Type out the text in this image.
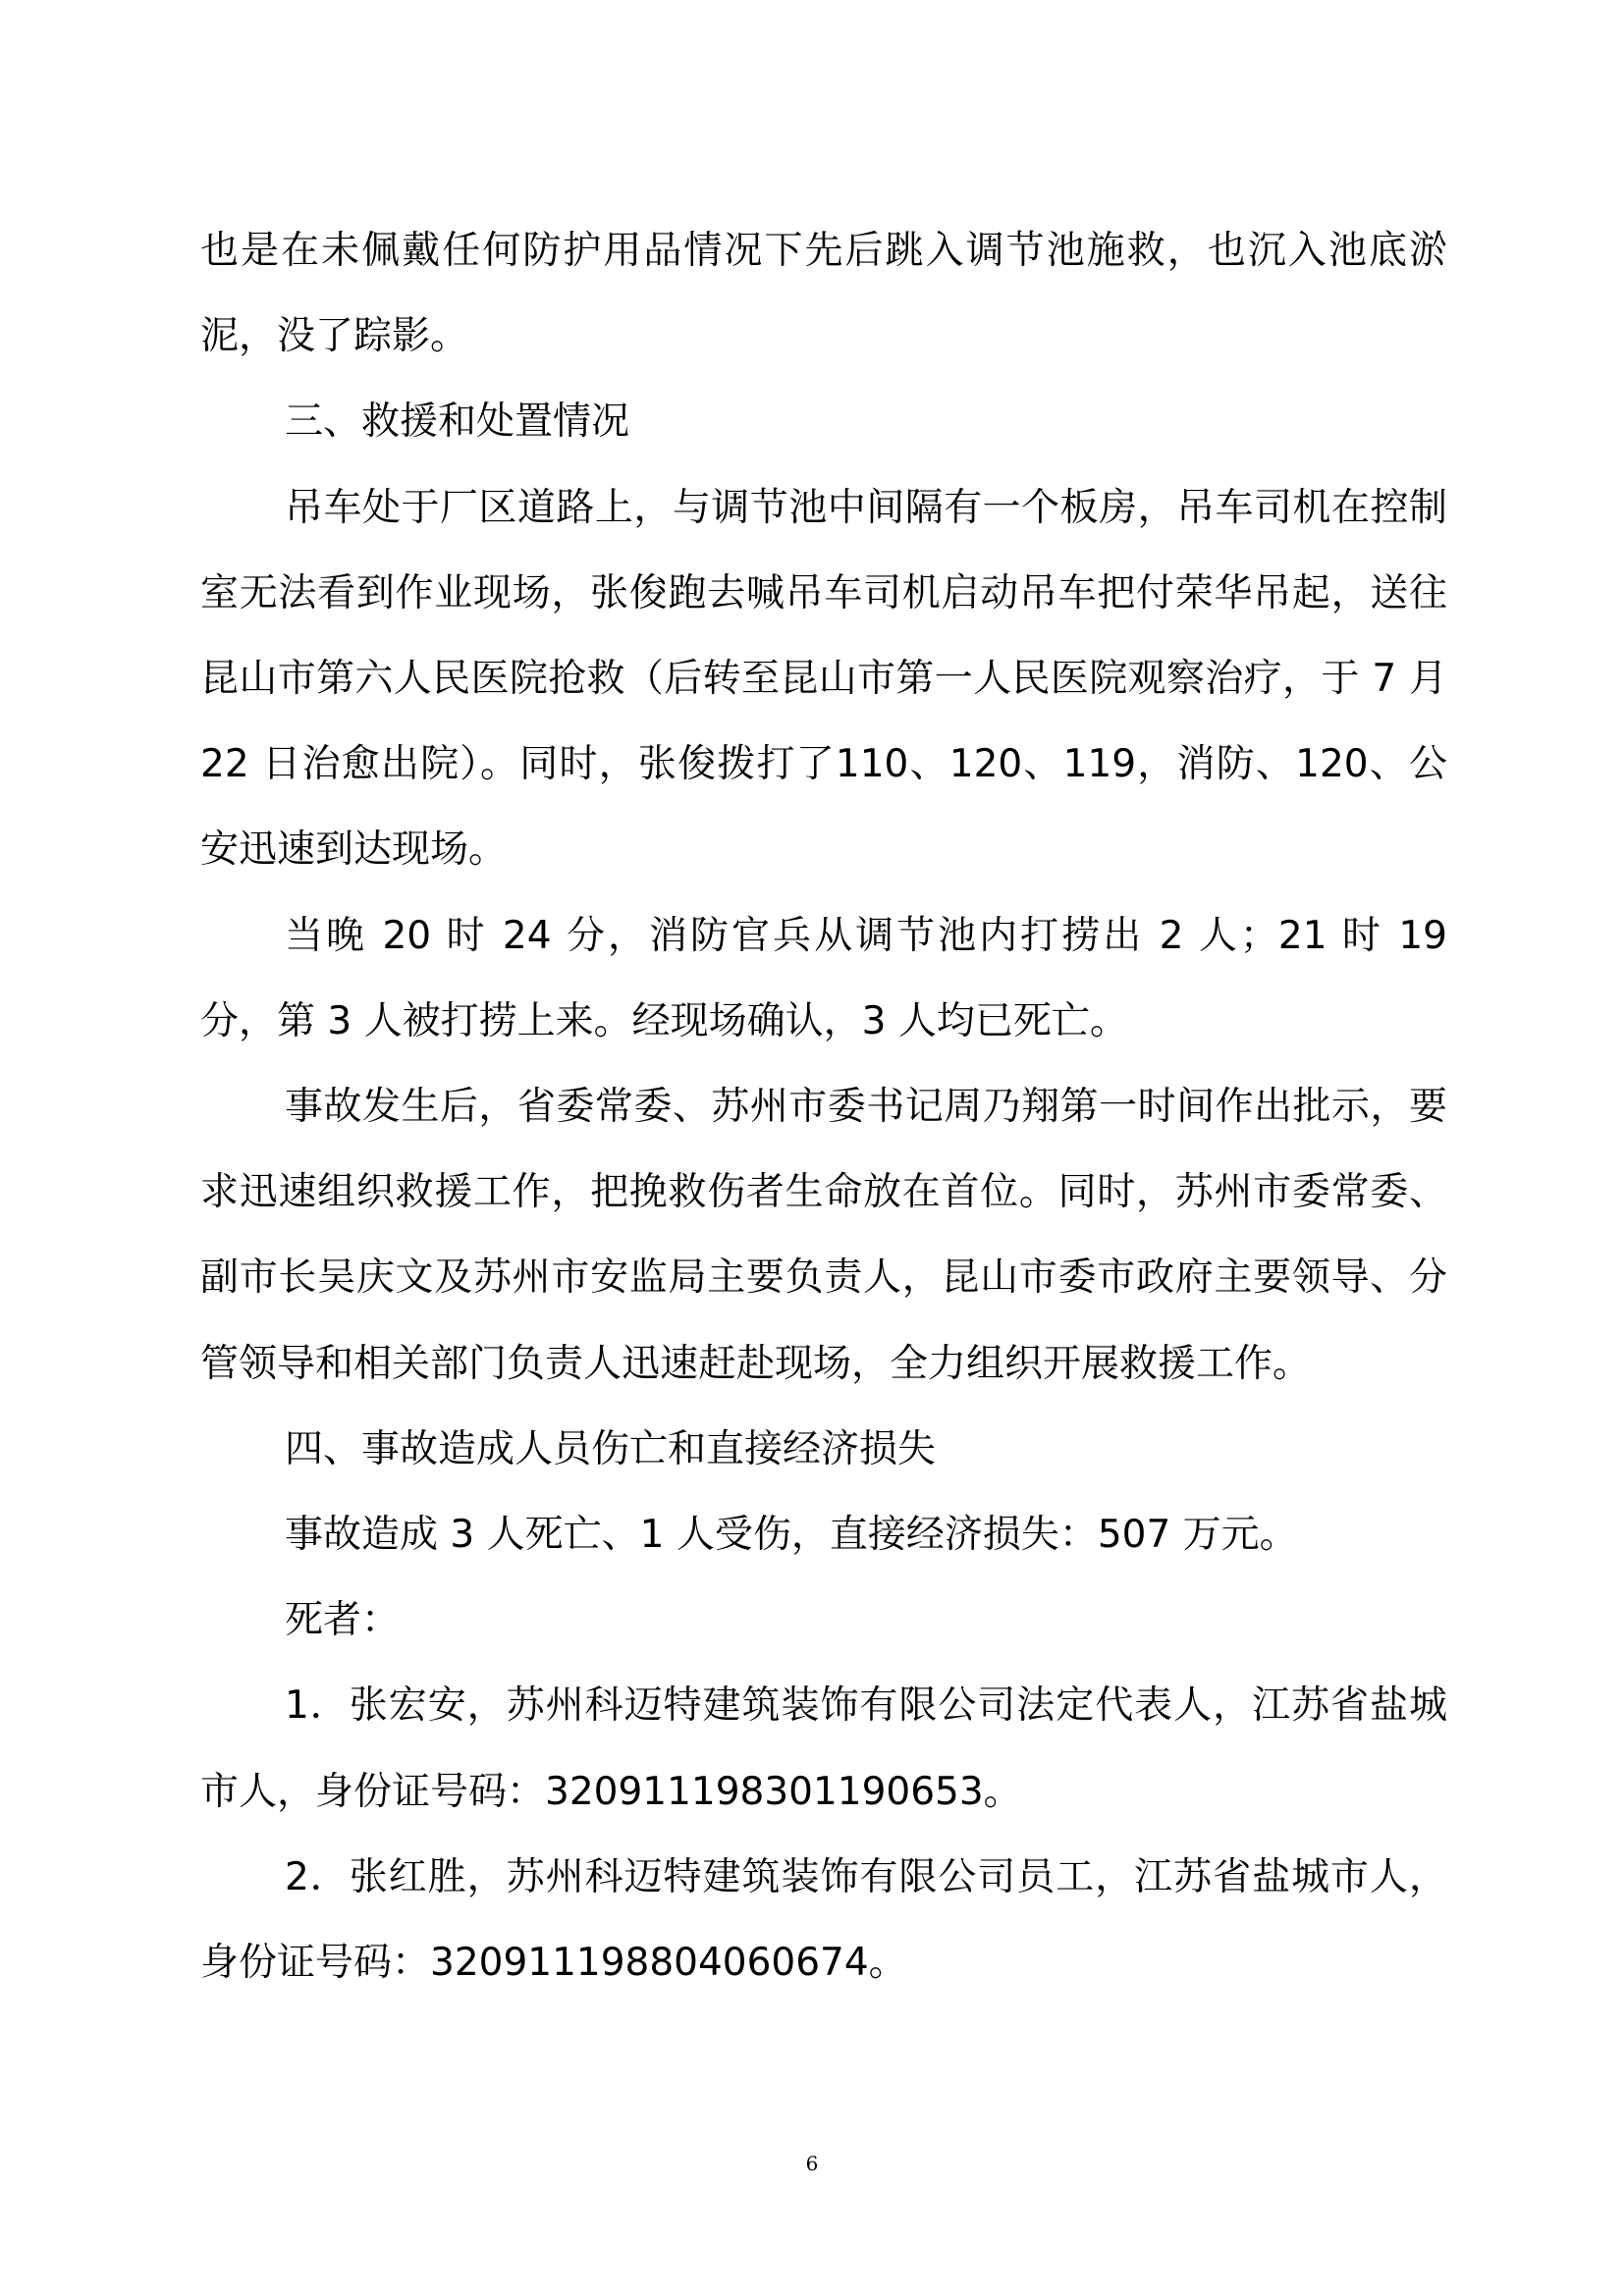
也是在未佩戴任何防护用品情况下先后跳入调节池施救，也沉入池底淤泥，没了踪影。

三、救援和处置情况

吊车处于厂区道路上，与调节池中间隔有一个板房，吊车司机在控制室无法看到作业现场，张俊跑去喊吊车司机启动吊车把付荣华吊起，送往昆山市第六人民医院抢救（后转至昆山市第一人民医院观察治疗，于 7 月 22 日治愈出院）。同时，张俊拨打了110、120、119，消防、120、公安迅速到达现场。

当晚 20 时 24 分，消防官兵从调节池内打捞出 2 人；21 时 19 分，第 3 人被打捞上来。经现场确认，3 人均已死亡。

事故发生后，省委常委、苏州市委书记周乃翔第一时间作出批示，要求迅速组织救援工作，把挽救伤者生命放在首位。同时，苏州市委常委、副市长吴庆文及苏州市安监局主要负责人，昆山市委市政府主要领导、分管领导和相关部门负责人迅速赶赴现场，全力组织开展救援工作。

四、事故造成人员伤亡和直接经济损失

事故造成 3 人死亡、1 人受伤，直接经济损失：507 万元。

死者：

1．张宏安，苏州科迈特建筑装饰有限公司法定代表人，江苏省盐城市人，身份证号码：320911198301190653。

2．张红胜，苏州科迈特建筑装饰有限公司员工，江苏省盐城市人，身份证号码：320911198804060674。

6
